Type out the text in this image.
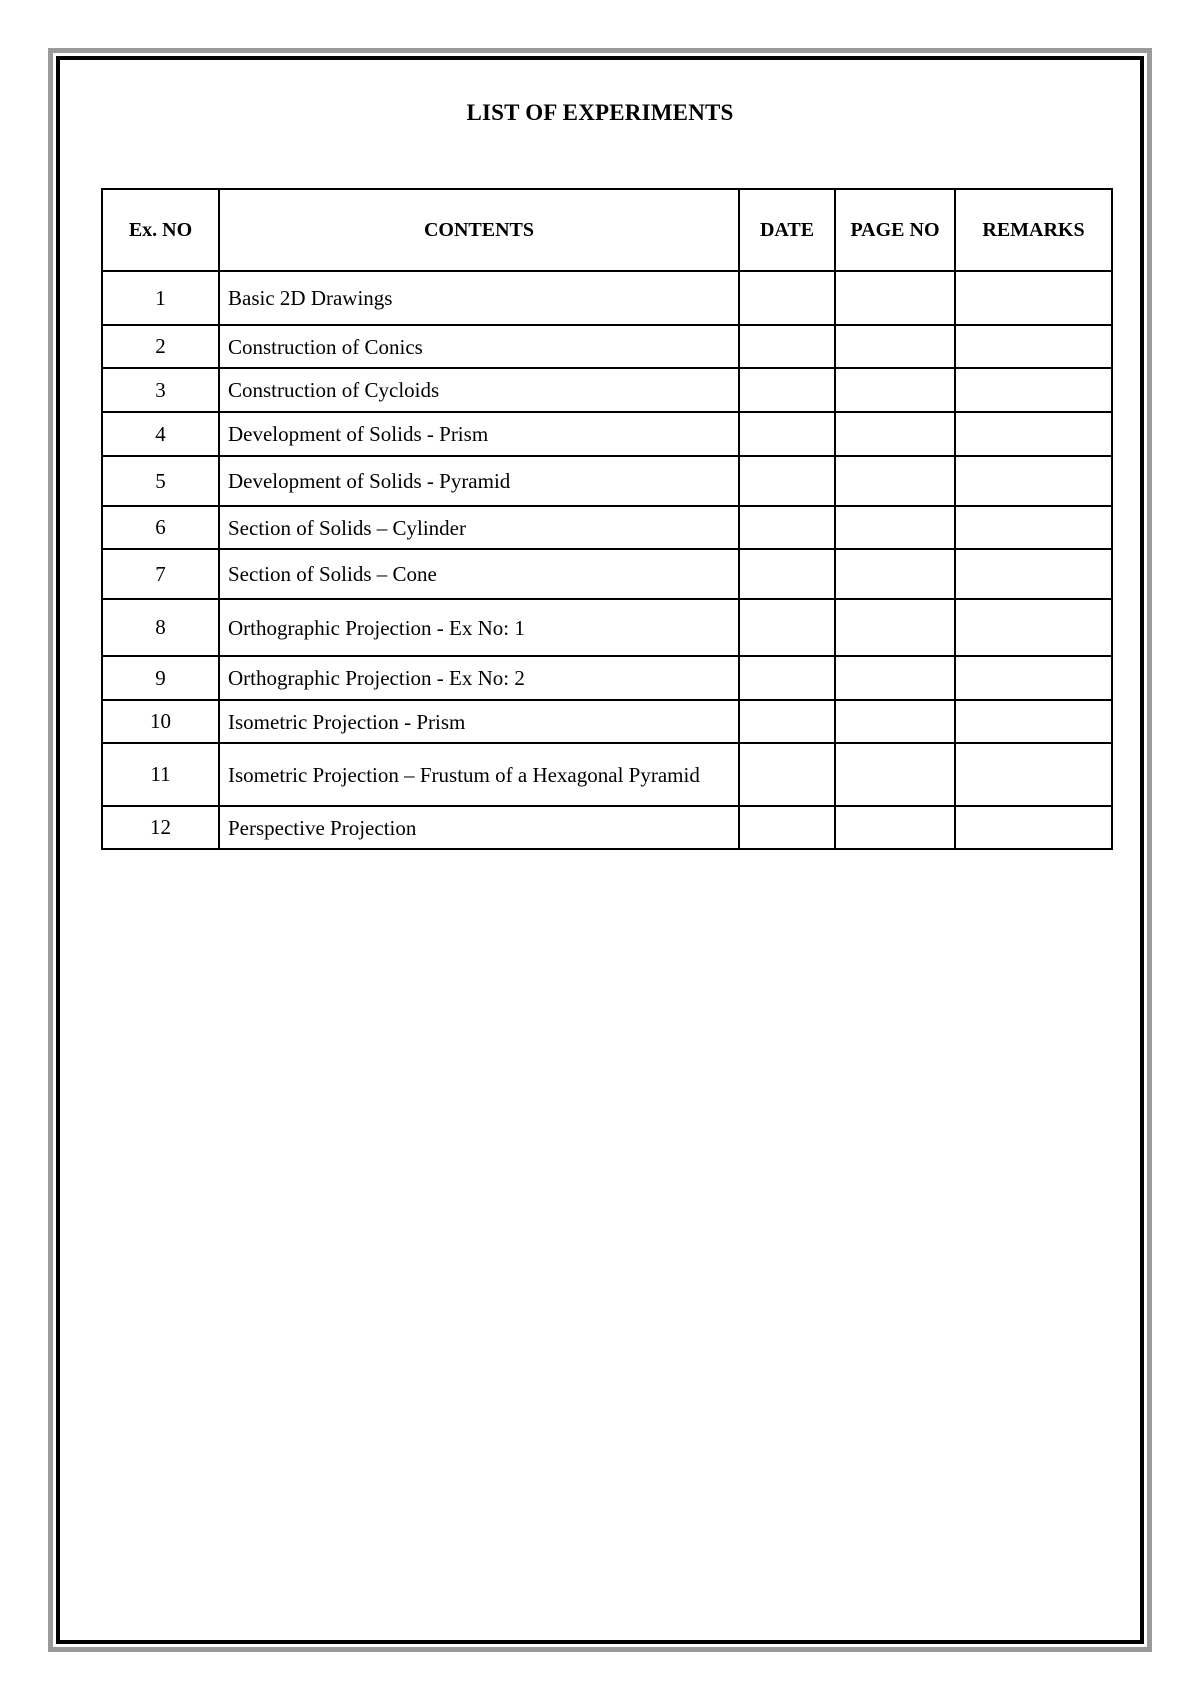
LIST OF EXPERIMENTS
Ex. NO	CONTENTS	DATE	PAGE NO	REMARKS
1	Basic 2D Drawings			
2	Construction of Conics			
3	Construction of Cycloids			
4	Development of Solids - Prism			
5	Development of Solids - Pyramid			
6	Section of Solids – Cylinder			
7	Section of Solids – Cone			
8	Orthographic Projection - Ex No: 1			
9	Orthographic Projection - Ex No: 2			
10	Isometric Projection - Prism			
11	Isometric Projection – Frustum of a Hexagonal Pyramid			
12	Perspective Projection			
